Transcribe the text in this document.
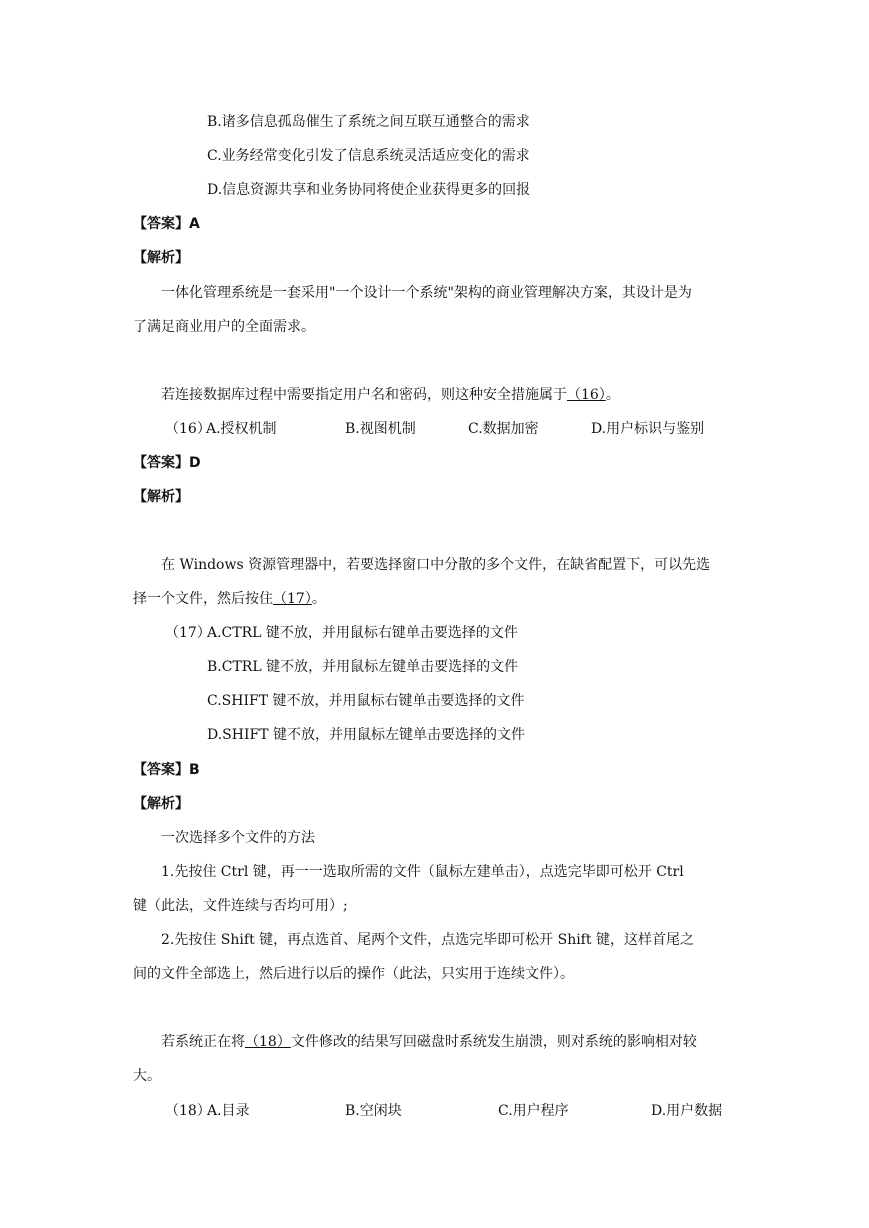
B.诸多信息孤岛催生了系统之间互联互通整合的需求
C.业务经常变化引发了信息系统灵活适应变化的需求
D.信息资源共享和业务协同将使企业获得更多的回报
【答案】A
【解析】
一体化管理系统是一套采用"一个设计一个系统"架构的商业管理解决方案，其设计是为
了满足商业用户的全面需求。
若连接数据库过程中需要指定用户名和密码，则这种安全措施属于（16）。
（16）
A.授权机制	B.视图机制	C.数据加密	D.用户标识与鉴别
【答案】D
【解析】
在 Windows 资源管理器中，若要选择窗口中分散的多个文件，在缺省配置下，可以先选
择一个文件，然后按住（17）。
（17）
A.CTRL 键不放，并用鼠标右键单击要选择的文件
B.CTRL 键不放，并用鼠标左键单击要选择的文件
C.SHIFT 键不放，并用鼠标右键单击要选择的文件
D.SHIFT 键不放，并用鼠标左键单击要选择的文件
【答案】B
【解析】
一次选择多个文件的方法
1.先按住 Ctrl 键，再一一选取所需的文件（鼠标左建单击），点选完毕即可松开 Ctrl
键（此法，文件连续与否均可用）;
2.先按住 Shift 键，再点选首、尾两个文件，点选完毕即可松开 Shift 键，这样首尾之
间的文件全部选上，然后进行以后的操作（此法，只实用于连续文件）。
若系统正在将（18）文件修改的结果写回磁盘时系统发生崩溃，则对系统的影响相对较
大。
（18）
A.目录	B.空闲块	C.用户程序	D.用户数据
